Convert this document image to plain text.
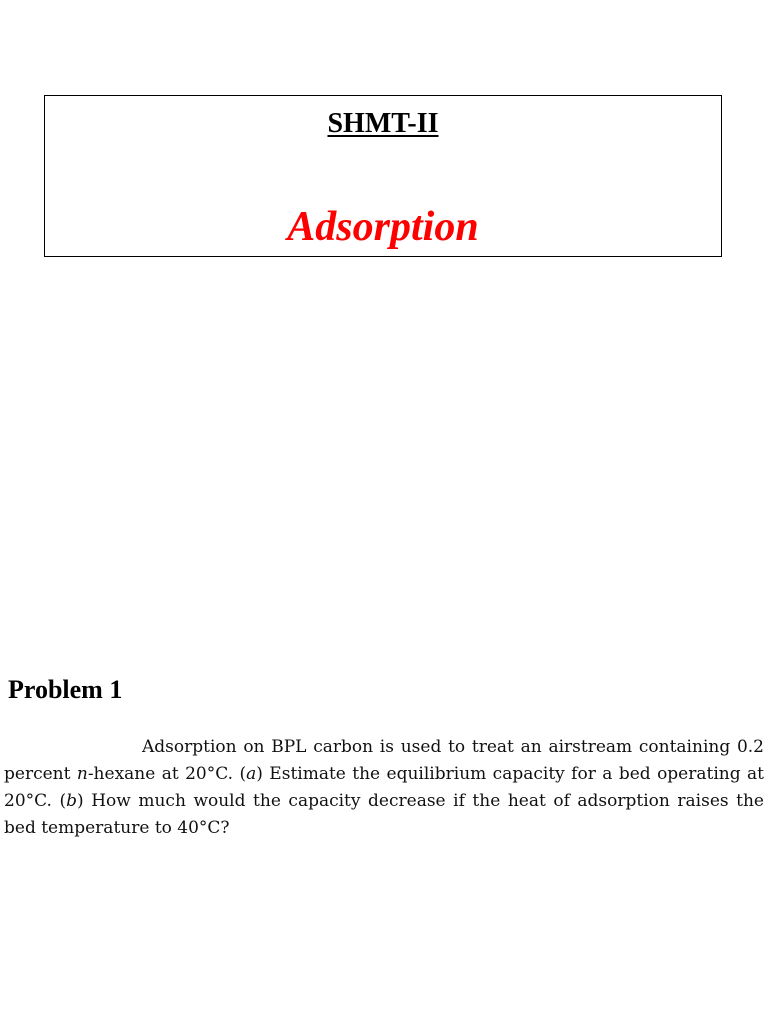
SHMT-II
Adsorption
Problem 1

Adsorption on BPL carbon is used to treat an airstream containing 0.2 percent n-hexane at 20°C. (a) Estimate the equilibrium capacity for a bed operating at 20°C. (b) How much would the capacity decrease if the heat of adsorption raises the bed temperature to 40°C?
